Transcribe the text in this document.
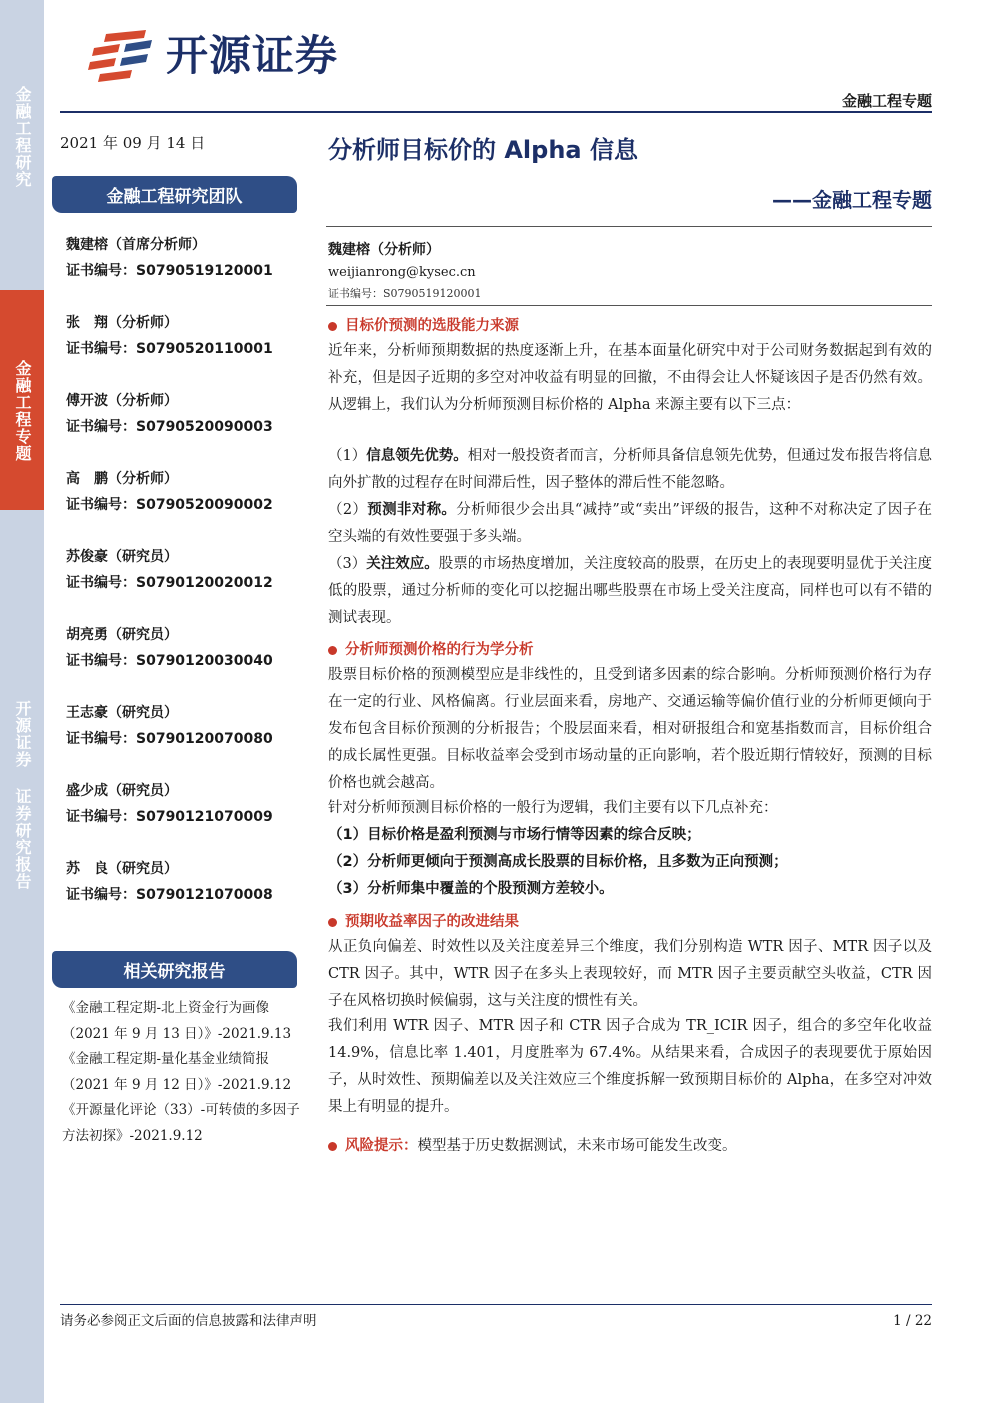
金融工程研究
金融工程专题
开源证券 证券研究报告
开源证券
金融工程专题
2021 年 09 月 14 日
金融工程研究团队
魏建榕（首席分析师）
证书编号：S0790519120001
张　翔（分析师）
证书编号：S0790520110001
傅开波（分析师）
证书编号：S0790520090003
高　鹏（分析师）
证书编号：S0790520090002
苏俊豪（研究员）
证书编号：S0790120020012
胡亮勇（研究员）
证书编号：S0790120030040
王志豪（研究员）
证书编号：S0790120070080
盛少成（研究员）
证书编号：S0790121070009
苏　良（研究员）
证书编号：S0790121070008
相关研究报告
《金融工程定期-北上资金行为画像（2021 年 9 月 13 日）》-2021.9.13
《金融工程定期-量化基金业绩简报（2021 年 9 月 12 日）》-2021.9.12
《开源量化评论（33）-可转债的多因子方法初探》-2021.9.12
分析师目标价的 Alpha 信息
——金融工程专题
魏建榕（分析师）
weijianrong@kysec.cn
证书编号：S0790519120001
目标价预测的选股能力来源
近年来，分析师预期数据的热度逐渐上升，在基本面量化研究中对于公司财务数据起到有效的补充，但是因子近期的多空对冲收益有明显的回撤，不由得会让人怀疑该因子是否仍然有效。从逻辑上，我们认为分析师预测目标价格的 Alpha 来源主要有以下三点：
（1）信息领先优势。相对一般投资者而言，分析师具备信息领先优势，但通过发布报告将信息向外扩散的过程存在时间滞后性，因子整体的滞后性不能忽略。
（2）预测非对称。分析师很少会出具“减持”或“卖出”评级的报告，这种不对称决定了因子在空头端的有效性要强于多头端。
（3）关注效应。股票的市场热度增加，关注度较高的股票，在历史上的表现要明显优于关注度低的股票，通过分析师的变化可以挖掘出哪些股票在市场上受关注度高，同样也可以有不错的测试表现。
分析师预测价格的行为学分析
股票目标价格的预测模型应是非线性的，且受到诸多因素的综合影响。分析师预测价格行为存在一定的行业、风格偏离。行业层面来看，房地产、交通运输等偏价值行业的分析师更倾向于发布包含目标价预测的分析报告；个股层面来看，相对研报组合和宽基指数而言，目标价组合的成长属性更强。目标收益率会受到市场动量的正向影响，若个股近期行情较好，预测的目标价格也就会越高。
针对分析师预测目标价格的一般行为逻辑，我们主要有以下几点补充：
（1）目标价格是盈利预测与市场行情等因素的综合反映；
（2）分析师更倾向于预测高成长股票的目标价格，且多数为正向预测；
（3）分析师集中覆盖的个股预测方差较小。
预期收益率因子的改进结果
从正负向偏差、时效性以及关注度差异三个维度，我们分别构造 WTR 因子、MTR 因子以及 CTR 因子。其中，WTR 因子在多头上表现较好，而 MTR 因子主要贡献空头收益，CTR 因子在风格切换时候偏弱，这与关注度的惯性有关。
我们利用 WTR 因子、MTR 因子和 CTR 因子合成为 TR_ICIR 因子，组合的多空年化收益 14.9%，信息比率 1.401，月度胜率为 67.4%。从结果来看，合成因子的表现要优于原始因子，从时效性、预期偏差以及关注效应三个维度拆解一致预期目标价的 Alpha，在多空对冲效果上有明显的提升。
风险提示： 模型基于历史数据测试，未来市场可能发生改变。
请务必参阅正文后面的信息披露和法律声明	1 / 22
